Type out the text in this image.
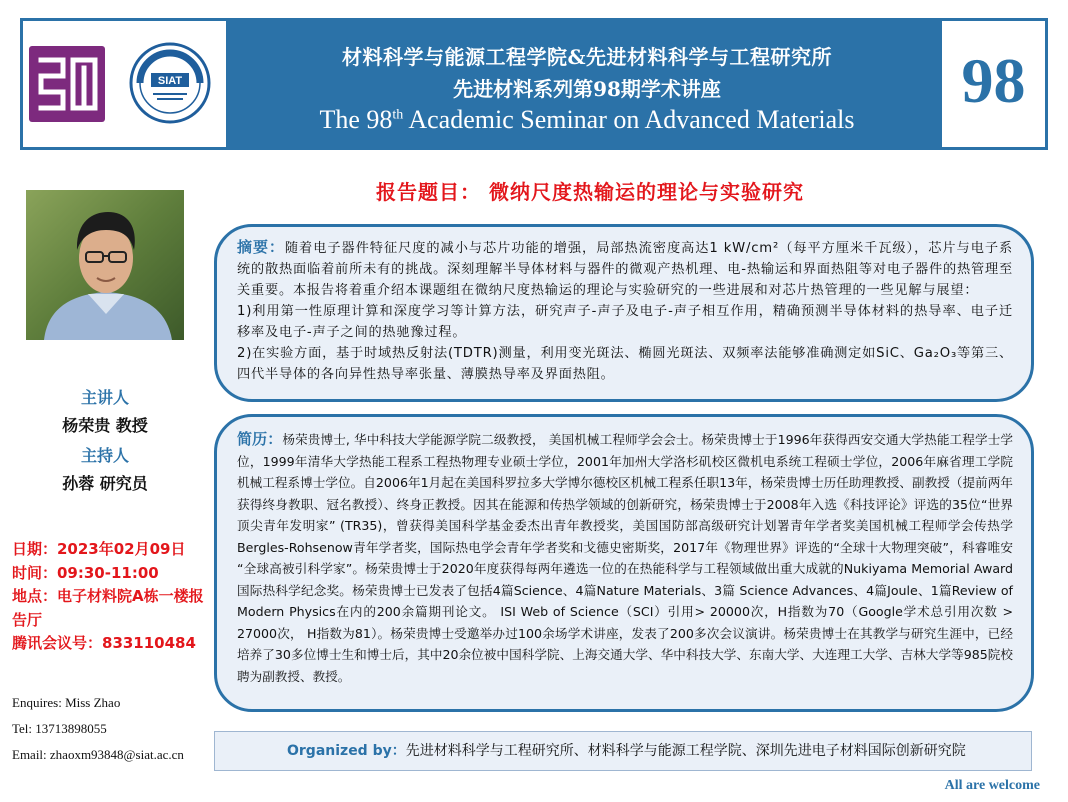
SIAT
材料科学与能源工程学院&先进材料科学与工程研究所
先进材料系列第98期学术讲座
The 98th Academic Seminar on Advanced Materials
98
主讲人
杨荣贵 教授
主持人
孙蓉 研究员
日期：2023年02月09日
时间：09:30-11:00
地点：电子材料院A栋一楼报告厅
腾讯会议号：833110484
Enquires: Miss Zhao
Tel: 13713898055
Email: zhaoxm93848@siat.ac.cn
报告题目： 微纳尺度热输运的理论与实验研究
摘要：随着电子器件特征尺度的减小与芯片功能的增强，局部热流密度高达1 kW/cm²（每平方厘米千瓦级），芯片与电子系统的散热面临着前所未有的挑战。深刻理解半导体材料与器件的微观产热机理、电-热输运和界面热阻等对电子器件的热管理至关重要。本报告将着重介绍本课题组在微纳尺度热输运的理论与实验研究的一些进展和对芯片热管理的一些见解与展望：
1)利用第一性原理计算和深度学习等计算方法，研究声子-声子及电子-声子相互作用，精确预测半导体材料的热导率、电子迁移率及电子-声子之间的热驰豫过程。
2)在实验方面，基于时域热反射法(TDTR)测量，利用变光斑法、椭圆光斑法、双频率法能够准确测定如SiC、Ga₂O₃等第三、四代半导体的各向异性热导率张量、薄膜热导率及界面热阻。
简历：杨荣贵博士, 华中科技大学能源学院二级教授， 美国机械工程师学会会士。杨荣贵博士于1996年获得西安交通大学热能工程学士学位，1999年清华大学热能工程系工程热物理专业硕士学位，2001年加州大学洛杉矶校区微机电系统工程硕士学位，2006年麻省理工学院机械工程系博士学位。自2006年1月起在美国科罗拉多大学博尔德校区机械工程系任职13年，杨荣贵博士历任助理教授、副教授（提前两年获得终身教职、冠名教授）、终身正教授。因其在能源和传热学领域的创新研究，杨荣贵博士于2008年入选《科技评论》评选的35位“世界顶尖青年发明家” (TR35)，曾获得美国科学基金委杰出青年教授奖，美国国防部高级研究计划署青年学者奖美国机械工程师学会传热学Bergles-Rohsenow青年学者奖，国际热电学会青年学者奖和戈德史密斯奖，2017年《物理世界》评选的“全球十大物理突破”，科睿唯安 “全球高被引科学家”。杨荣贵博士于2020年度获得每两年遴选一位的在热能科学与工程领域做出重大成就的Nukiyama Memorial Award 国际热科学纪念奖。杨荣贵博士已发表了包括4篇Science、4篇Nature Materials、3篇 Science Advances、4篇Joule、1篇Review of Modern Physics在内的200余篇期刊论文。 ISI Web of Science（SCI）引用> 20000次，H指数为70（Google学术总引用次数 > 27000次， H指数为81）。杨荣贵博士受邀举办过100余场学术讲座，发表了200多次会议演讲。杨荣贵博士在其教学与研究生涯中，已经培养了30多位博士生和博士后，其中20余位被中国科学院、上海交通大学、华中科技大学、东南大学、大连理工大学、吉林大学等985院校聘为副教授、教授。
Organized by：先进材料科学与工程研究所、材料科学与能源工程学院、深圳先进电子材料国际创新研究院
All are welcome
